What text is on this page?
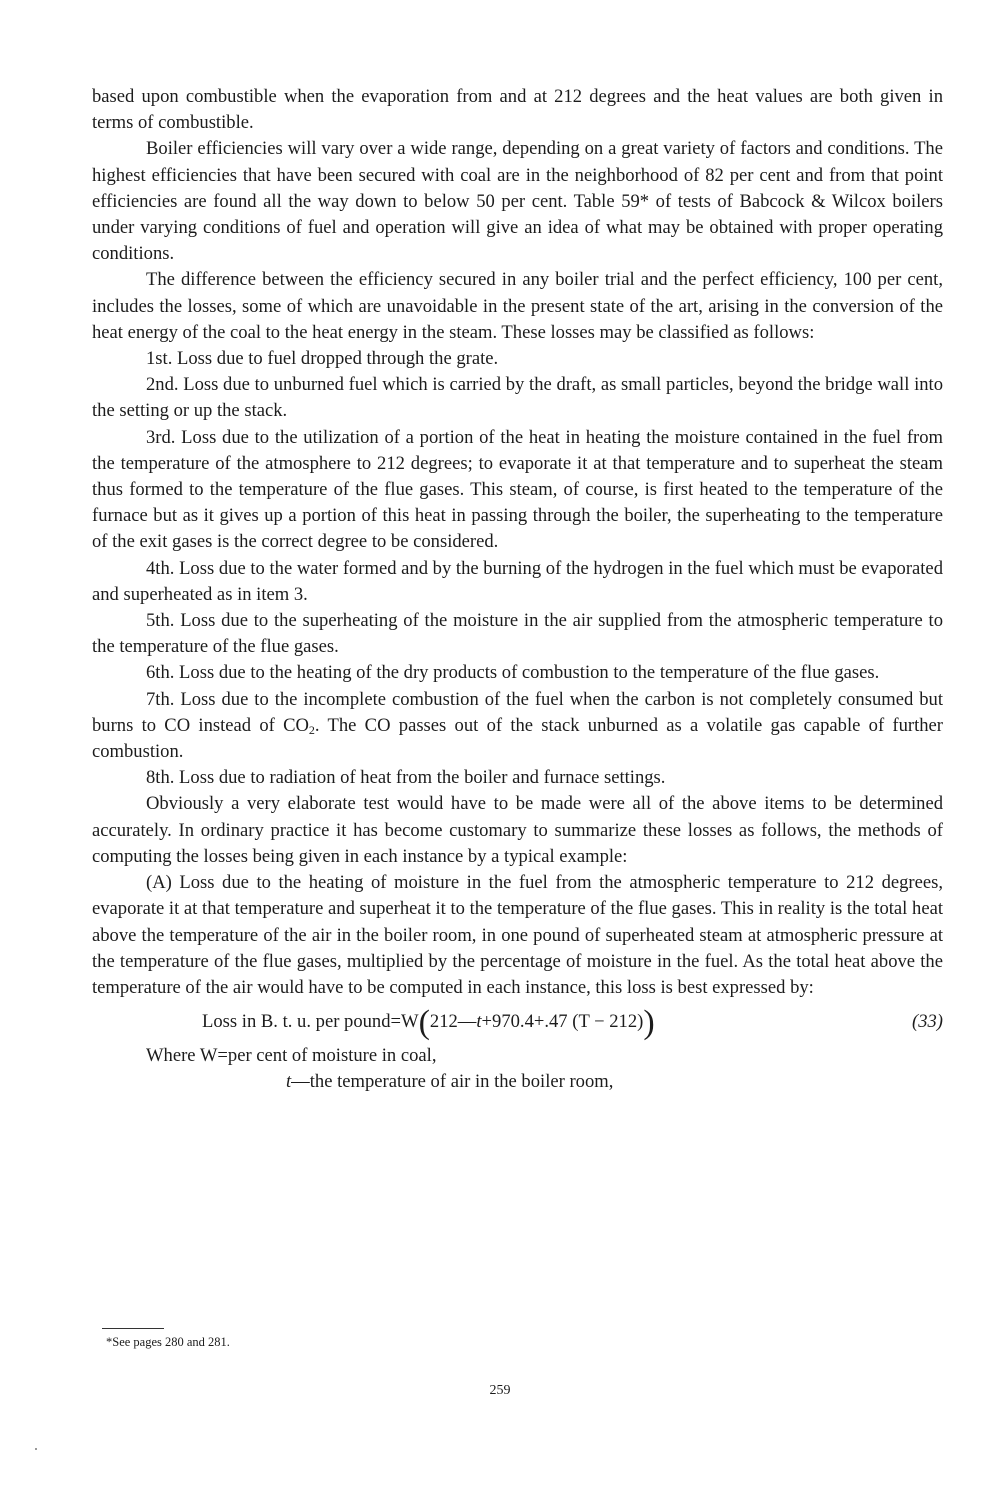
based upon combustible when the evaporation from and at 212 degrees and the heat values are both given in terms of combustible.

Boiler efficiencies will vary over a wide range, depending on a great variety of factors and conditions. The highest efficiencies that have been secured with coal are in the neighborhood of 82 per cent and from that point efficiencies are found all the way down to below 50 per cent. Table 59* of tests of Babcock & Wilcox boilers under varying conditions of fuel and operation will give an idea of what may be obtained with proper operating conditions.

The difference between the efficiency secured in any boiler trial and the perfect efficiency, 100 per cent, includes the losses, some of which are unavoidable in the present state of the art, arising in the conversion of the heat energy of the coal to the heat energy in the steam. These losses may be classified as follows:

1st. Loss due to fuel dropped through the grate.

2nd. Loss due to unburned fuel which is carried by the draft, as small particles, beyond the bridge wall into the setting or up the stack.

3rd. Loss due to the utilization of a portion of the heat in heating the moisture contained in the fuel from the temperature of the atmosphere to 212 degrees; to evaporate it at that temperature and to superheat the steam thus formed to the temperature of the flue gases. This steam, of course, is first heated to the temperature of the furnace but as it gives up a portion of this heat in passing through the boiler, the superheating to the temperature of the exit gases is the correct degree to be considered.

4th. Loss due to the water formed and by the burning of the hydrogen in the fuel which must be evaporated and superheated as in item 3.

5th. Loss due to the superheating of the moisture in the air supplied from the atmospheric temperature to the temperature of the flue gases.

6th. Loss due to the heating of the dry products of combustion to the temperature of the flue gases.

7th. Loss due to the incomplete combustion of the fuel when the carbon is not completely consumed but burns to CO instead of $CO_2$. The CO passes out of the stack unburned as a volatile gas capable of further combustion.

8th. Loss due to radiation of heat from the boiler and furnace settings.

Obviously a very elaborate test would have to be made were all of the above items to be determined accurately. In ordinary practice it has become customary to summarize these losses as follows, the methods of computing the losses being given in each instance by a typical example:

(A) Loss due to the heating of moisture in the fuel from the atmospheric temperature to 212 degrees, evaporate it at that temperature and superheat it to the temperature of the flue gases. This in reality is the total heat above the temperature of the air in the boiler room, in one pound of superheated steam at atmospheric pressure at the temperature of the flue gases, multiplied by the percentage of moisture in the fuel. As the total heat above the temperature of the air would have to be computed in each instance, this loss is best expressed by:

Loss in B. t. u. per pound=W(212—t+970.4+.47 (T − 212))	(33)

Where W=per cent of moisture in coal,

t—the temperature of air in the boiler room,

*See pages 280 and 281.
259
